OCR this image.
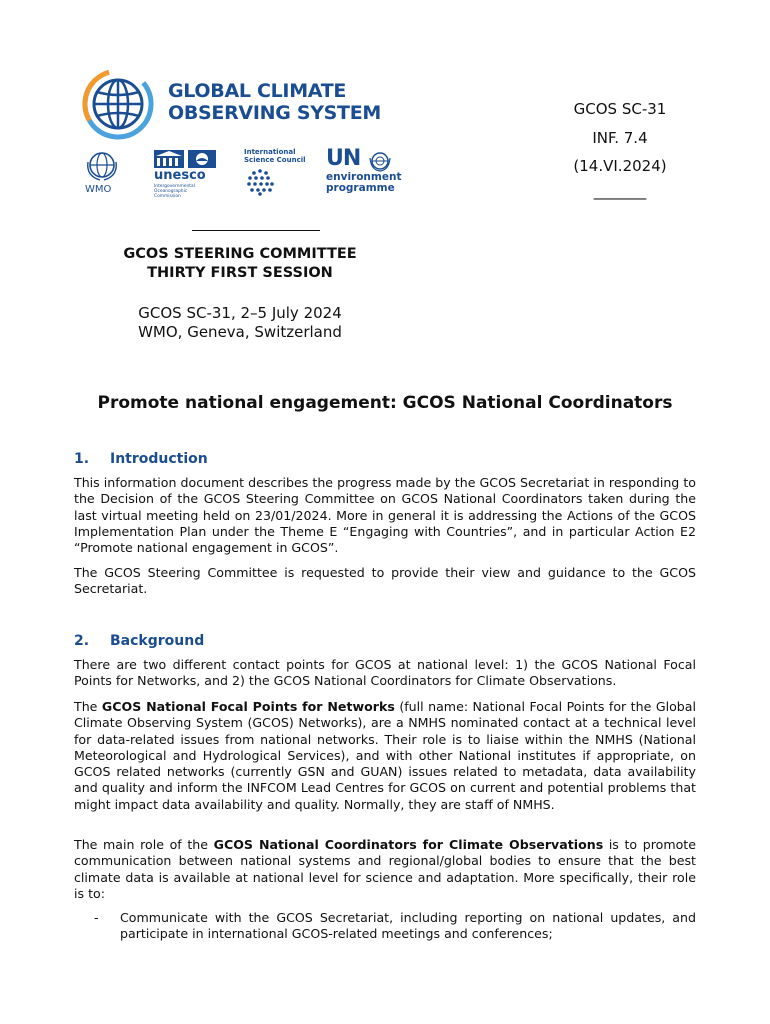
GLOBAL CLIMATE
OBSERVING SYSTEM
WMO
unesco
Intergovernmental Oceanographic Commission
International Science Council UN
environment programme
GCOS SC-31
INF. 7.4
(14.VI.2024)
_______
GCOS STEERING COMMITTEE
THIRTY FIRST SESSION
GCOS SC-31, 2–5 July 2024
WMO, Geneva, Switzerland
Promote national engagement: GCOS National Coordinators
1. Introduction
This information document describes the progress made by the GCOS Secretariat in responding to the Decision of the GCOS Steering Committee on GCOS National Coordinators taken during the last virtual meeting held on 23/01/2024. More in general it is addressing the Actions of the GCOS Implementation Plan under the Theme E “Engaging with Countries”, and in particular Action E2 “Promote national engagement in GCOS”.
The GCOS Steering Committee is requested to provide their view and guidance to the GCOS Secretariat.
2. Background
There are two different contact points for GCOS at national level: 1) the GCOS National Focal Points for Networks, and 2) the GCOS National Coordinators for Climate Observations.
The GCOS National Focal Points for Networks (full name: National Focal Points for the Global Climate Observing System (GCOS) Networks), are a NMHS nominated contact at a technical level for data-related issues from national networks. Their role is to liaise within the NMHS (National Meteorological and Hydrological Services), and with other National institutes if appropriate, on GCOS related networks (currently GSN and GUAN) issues related to metadata, data availability and quality and inform the INFCOM Lead Centres for GCOS on current and potential problems that might impact data availability and quality. Normally, they are staff of NMHS.
The main role of the GCOS National Coordinators for Climate Observations is to promote communication between national systems and regional/global bodies to ensure that the best climate data is available at national level for science and adaptation. More specifically, their role is to:
- Communicate with the GCOS Secretariat, including reporting on national updates, and participate in international GCOS-related meetings and conferences;
